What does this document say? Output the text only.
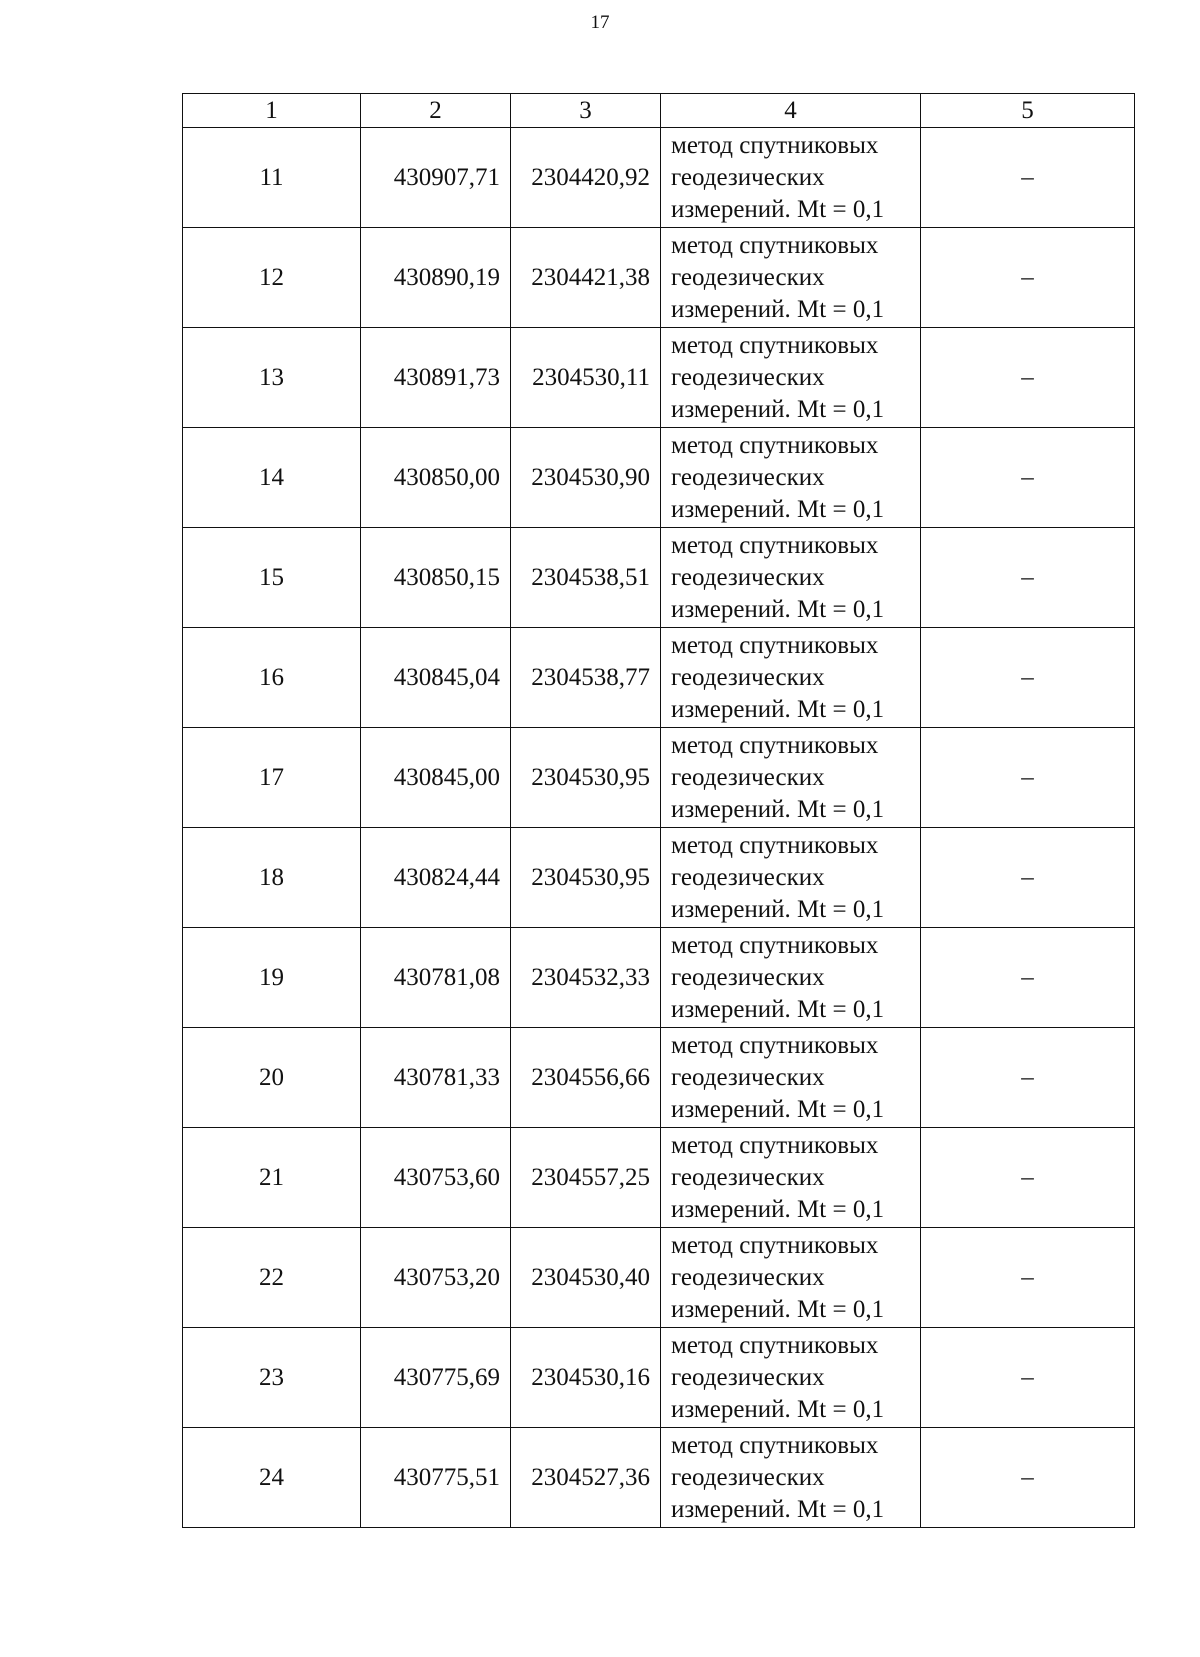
17
1	2	3	4	5
11	430907,71	2304420,92	метод спутниковых
геодезических
измерений. Mt = 0,1	–
12	430890,19	2304421,38	метод спутниковых
геодезических
измерений. Mt = 0,1	–
13	430891,73	2304530,11	метод спутниковых
геодезических
измерений. Mt = 0,1	–
14	430850,00	2304530,90	метод спутниковых
геодезических
измерений. Mt = 0,1	–
15	430850,15	2304538,51	метод спутниковых
геодезических
измерений. Mt = 0,1	–
16	430845,04	2304538,77	метод спутниковых
геодезических
измерений. Mt = 0,1	–
17	430845,00	2304530,95	метод спутниковых
геодезических
измерений. Mt = 0,1	–
18	430824,44	2304530,95	метод спутниковых
геодезических
измерений. Mt = 0,1	–
19	430781,08	2304532,33	метод спутниковых
геодезических
измерений. Mt = 0,1	–
20	430781,33	2304556,66	метод спутниковых
геодезических
измерений. Mt = 0,1	–
21	430753,60	2304557,25	метод спутниковых
геодезических
измерений. Mt = 0,1	–
22	430753,20	2304530,40	метод спутниковых
геодезических
измерений. Mt = 0,1	–
23	430775,69	2304530,16	метод спутниковых
геодезических
измерений. Mt = 0,1	–
24	430775,51	2304527,36	метод спутниковых
геодезических
измерений. Mt = 0,1	–
